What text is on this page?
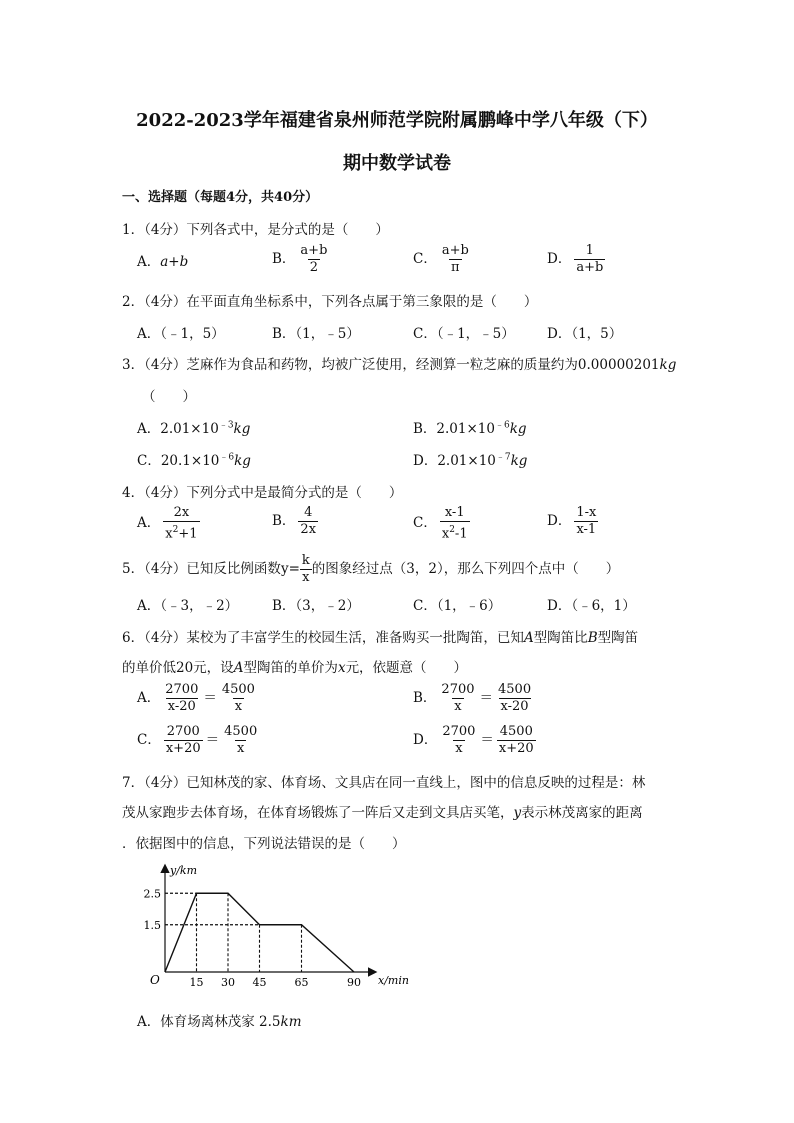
2022-2023学年福建省泉州师范学院附属鹏峰中学八年级（下）
期中数学试卷
一、选择题（每题4分，共40分）
1．（4分）下列各式中，是分式的是（　　）
A．a+b	B． $\frac{a+b}{2}$	C． $\frac{a+b}{\pi}$	D． $\frac{1}{a+b}$
2．（4分）在平面直角坐标系中，下列各点属于第三象限的是（　　）
A．（﹣1，5）	B．（1，﹣5）	C．（﹣1，﹣5） D．（1，5）
3．（4分）芝麻作为食品和药物，均被广泛使用，经测算一粒芝麻的质量约为0.00000201kg
（　　）
A．$2.01\times 10^{﹣3}kg$	B．$2.01\times 10^{﹣6}kg$
C．$20.1\times 10^{﹣6}kg$	D．$2.01\times 10^{﹣7}kg$
4．（4分）下列分式中是最简分式的是（　　）
A． $\frac{2x}{x^2+1}$	B． $\frac{4}{2x}$	C． $\frac{x-1}{x^2-1}$	D． $\frac{1-x}{x-1}$
5．（4分）已知反比例函数$y= \frac{k}{x}$ 的图象经过点（3，2），那么下列四个点中（　　）
A．（﹣3，﹣2）	B．（3，﹣2）	C．（1，﹣6）	D．（﹣6，1）
6．（4分）某校为了丰富学生的校园生活，准备购买一批陶笛，已知A型陶笛比B型陶笛
的单价低20元，设A型陶笛的单价为x元，依题意（　　）
A． $\frac{2700}{x-20} = \frac{4500}{x}$	B． $\frac{2700}{x} = \frac{4500}{x-20}$
C． $\frac{2700}{x+20} = \frac{4500}{x}$	D． $\frac{2700}{x} = \frac{4500}{x+20}$
7．（4分）已知林茂的家、体育场、文具店在同一直线上，图中的信息反映的过程是：林
茂从家跑步去体育场，在体育场锻炼了一阵后又走到文具店买笔，y表示林茂离家的距离
．依据图中的信息，下列说法错误的是（　　）
y/km
x/min
O	15 30 45	65	90
1.5
2.5
A．体育场离林茂家 2.5km
